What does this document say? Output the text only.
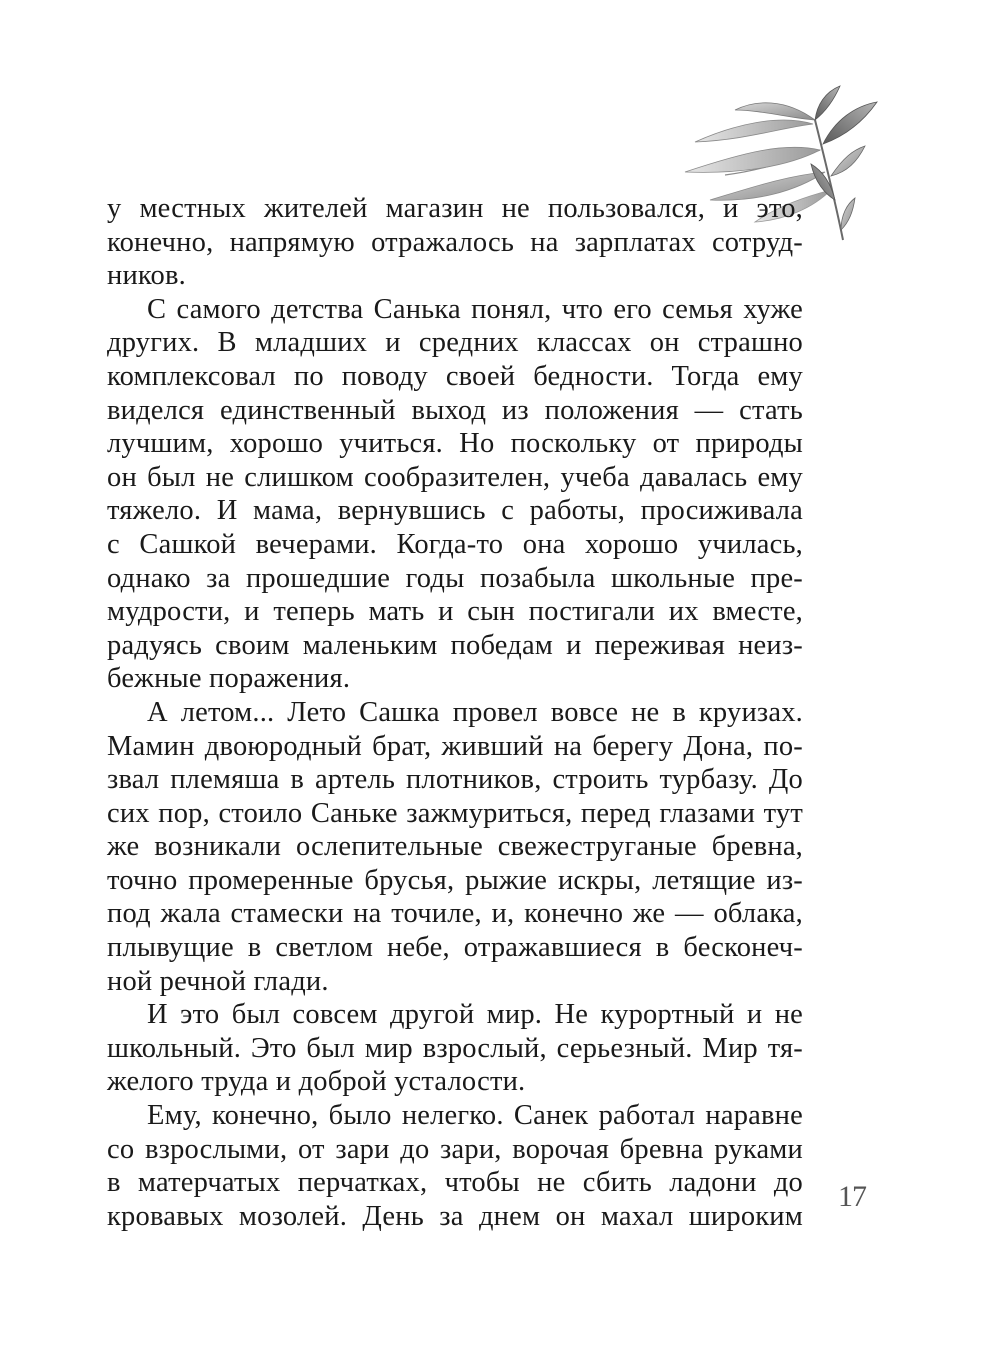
у местных жителей магазин не пользовался, и это,
конечно, напрямую отражалось на зарплатах сотруд-
ников.
С самого детства Санька понял, что его семья хуже
других. В младших и средних классах он страшно
комплексовал по поводу своей бедности. Тогда ему
виделся единственный выход из положения — стать
лучшим, хорошо учиться. Но поскольку от природы
он был не слишком сообразителен, учеба давалась ему
тяжело. И мама, вернувшись с работы, просиживала
с Сашкой вечерами. Когда-то она хорошо училась,
однако за прошедшие годы позабыла школьные пре-
мудрости, и теперь мать и сын постигали их вместе,
радуясь своим маленьким победам и переживая неиз-
бежные поражения.
А летом... Лето Сашка провел вовсе не в круизах.
Мамин двоюродный брат, живший на берегу Дона, по-
звал племяша в артель плотников, строить турбазу. До
сих пор, стоило Саньке зажмуриться, перед глазами тут
же возникали ослепительные свежеструганые бревна,
точно промеренные брусья, рыжие искры, летящие из-
под жала стамески на точиле, и, конечно же — облака,
плывущие в светлом небе, отражавшиеся в бесконеч-
ной речной глади.
И это был совсем другой мир. Не курортный и не
школьный. Это был мир взрослый, серьезный. Мир тя-
желого труда и доброй усталости.
Ему, конечно, было нелегко. Санек работал наравне
со взрослыми, от зари до зари, ворочая бревна руками
в матерчатых перчатках, чтобы не сбить ладони до
кровавых мозолей. День за днем он махал широким
17
